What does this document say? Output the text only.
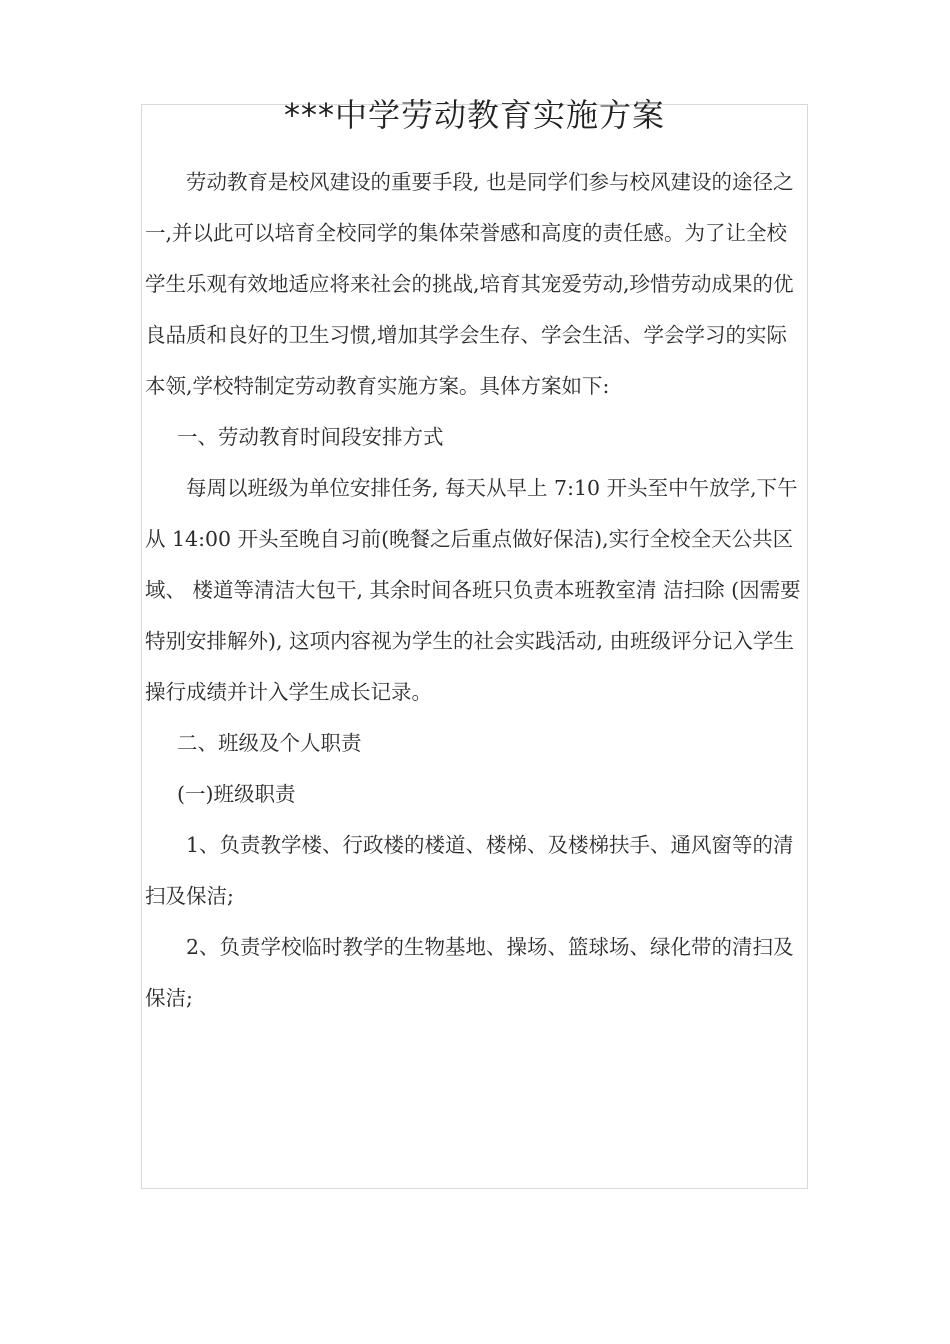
***中学劳动教育实施方案

劳动教育是校风建设的重要手段, 也是同学们参与校风建设的途径之一,并以此可以培育全校同学的集体荣誉感和高度的责任感。为了让全校学生乐观有效地适应将来社会的挑战,培育其宠爱劳动,珍惜劳动成果的优良品质和良好的卫生习惯,增加其学会生存、学会生活、学会学习的实际本领,学校特制定劳动教育实施方案。具体方案如下:

一、劳动教育时间段安排方式

每周以班级为单位安排任务, 每天从早上 7:10 开头至中午放学,下午从 14:00 开头至晚自习前(晚餐之后重点做好保洁),实行全校全天公共区域、 楼道等清洁大包干, 其余时间各班只负责本班教室清 洁扫除 (因需要特别安排解外), 这项内容视为学生的社会实践活动, 由班级评分记入学生操行成绩并计入学生成长记录。

二、班级及个人职责

(一)班级职责

1、负责教学楼、行政楼的楼道、楼梯、及楼梯扶手、通风窗等的清扫及保洁;

2、负责学校临时教学的生物基地、操场、篮球场、绿化带的清扫及保洁;
